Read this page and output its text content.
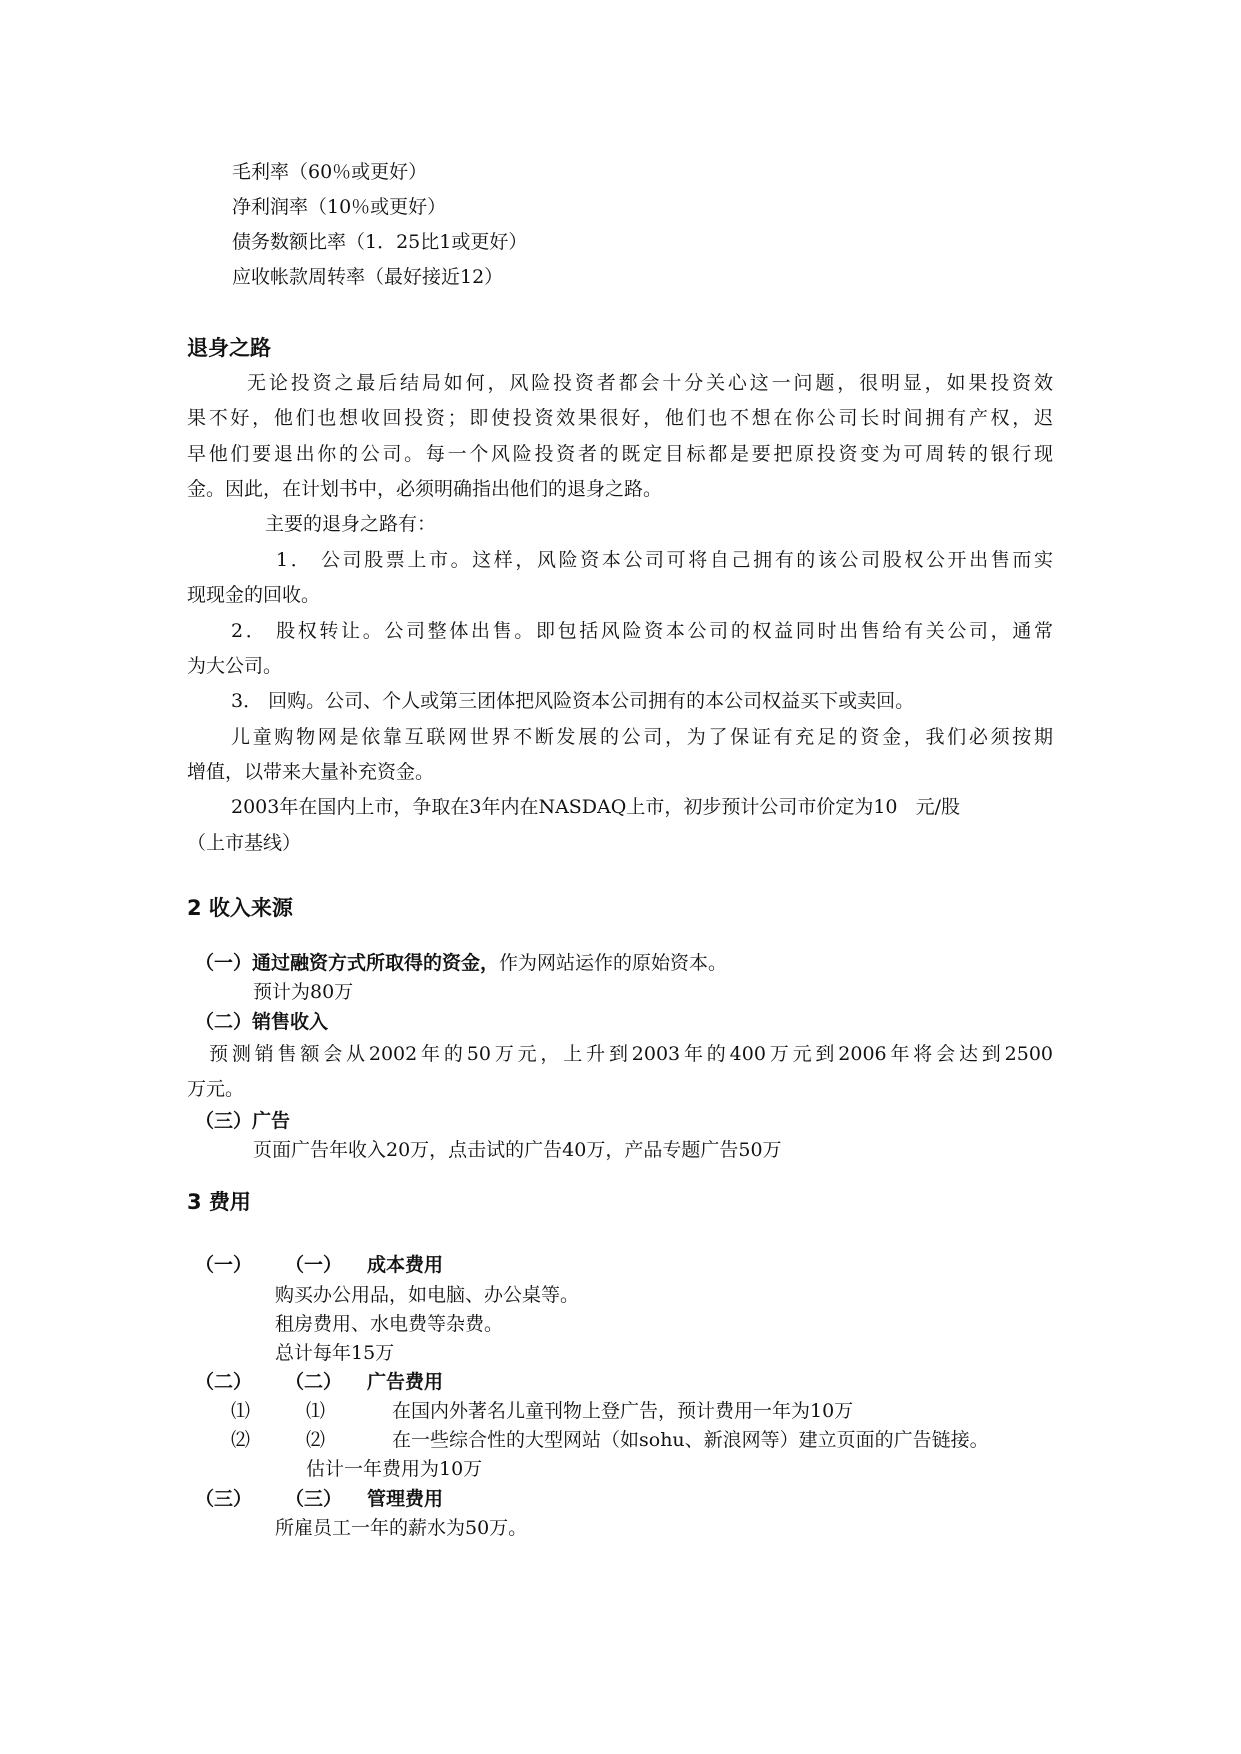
毛利率（60％或更好）
净利润率（10％或更好）
债务数额比率（1．25比1或更好）
应收帐款周转率（最好接近12）
退身之路
无论投资之最后结局如何，风险投资者都会十分关心这一问题，很明显，如果投资效
果不好，他们也想收回投资；即使投资效果很好，他们也不想在你公司长时间拥有产权，迟
早他们要退出你的公司。每一个风险投资者的既定目标都是要把原投资变为可周转的银行现
金。因此，在计划书中，必须明确指出他们的退身之路。
主要的退身之路有：
1． 公司股票上市。这样，风险资本公司可将自己拥有的该公司股权公开出售而实
现现金的回收。
2． 股权转让。公司整体出售。即包括风险资本公司的权益同时出售给有关公司，通常
为大公司。
3． 回购。公司、个人或第三团体把风险资本公司拥有的本公司权益买下或卖回。
儿童购物网是依靠互联网世界不断发展的公司，为了保证有充足的资金，我们必须按期
增值，以带来大量补充资金。
2003年在国内上市，争取在3年内在NASDAQ上市，初步预计公司市价定为10   元/股
（上市基线）
2 收入来源
（一）通过融资方式所取得的资金，作为网站运作的原始资本。
预计为80万
（二）销售收入
预测销售额会从2002年的50万元，上升到2003年的400万元到2006年将会达到2500
万元。
（三）广告
页面广告年收入20万，点击试的广告40万，产品专题广告50万
3 费用
（一） （一） 成本费用
购买办公用品，如电脑、办公桌等。
租房费用、水电费等杂费。
总计每年15万
（二） （二） 广告费用
⑴	⑴	在国内外著名儿童刊物上登广告，预计费用一年为10万
⑵	⑵	在一些综合性的大型网站（如sohu、新浪网等）建立页面的广告链接。
估计一年费用为10万
（三） （三） 管理费用
所雇员工一年的薪水为50万。
